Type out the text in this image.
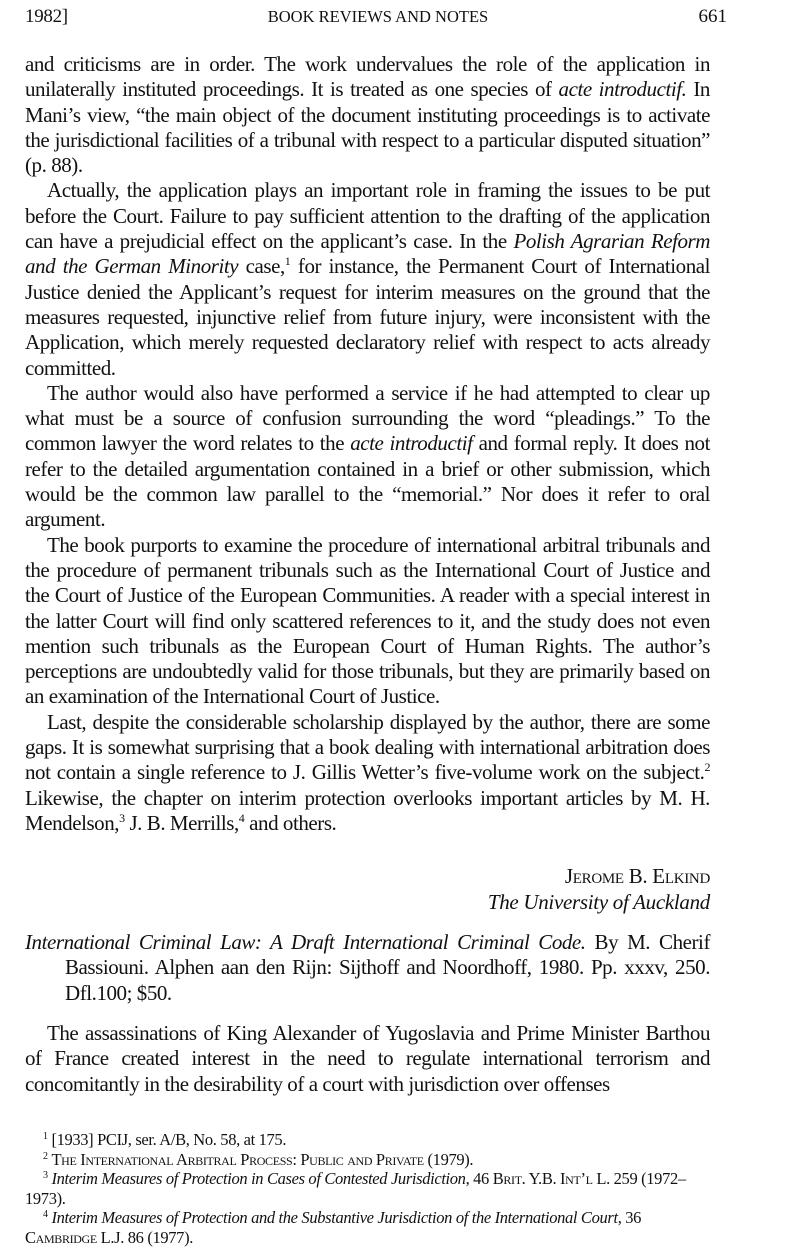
1982]	BOOK REVIEWS AND NOTES	661

and criticisms are in order. The work undervalues the role of the application in unilaterally instituted proceedings. It is treated as one species of acte introductif. In Mani’s view, “the main object of the document instituting proceedings is to activate the jurisdictional facilities of a tribunal with respect to a particular disputed situation” (p. 88).

Actually, the application plays an important role in framing the issues to be put before the Court. Failure to pay sufficient attention to the drafting of the application can have a prejudicial effect on the applicant’s case. In the Polish Agrarian Reform and the German Minority case,$^1$ for instance, the Permanent Court of International Justice denied the Applicant’s request for interim measures on the ground that the measures requested, injunctive relief from future injury, were inconsistent with the Application, which merely requested declaratory relief with respect to acts already committed.

The author would also have performed a service if he had attempted to clear up what must be a source of confusion surrounding the word “pleadings.” To the common lawyer the word relates to the acte introductif and formal reply. It does not refer to the detailed argumentation contained in a brief or other submission, which would be the common law parallel to the “memorial.” Nor does it refer to oral argument.

The book purports to examine the procedure of international arbitral tribunals and the procedure of permanent tribunals such as the International Court of Justice and the Court of Justice of the European Communities. A reader with a special interest in the latter Court will find only scattered references to it, and the study does not even mention such tribunals as the European Court of Human Rights. The author’s perceptions are undoubtedly valid for those tribunals, but they are primarily based on an examination of the International Court of Justice.

Last, despite the considerable scholarship displayed by the author, there are some gaps. It is somewhat surprising that a book dealing with international arbitration does not contain a single reference to J. Gillis Wetter’s five-volume work on the subject.$^2$ Likewise, the chapter on interim protection overlooks important articles by M. H. Mendelson,$^3$ J. B. Merrills,$^4$ and others.

Jerome B. Elkind
The University of Auckland
International Criminal Law: A Draft International Criminal Code. By M. Cherif Bassiouni. Alphen aan den Rijn: Sijthoff and Noordhoff, 1980. Pp. xxxv, 250. Dfl.100; $50.

The assassinations of King Alexander of Yugoslavia and Prime Minister Barthou of France created interest in the need to regulate international terrorism and concomitantly in the desirability of a court with jurisdiction over offenses

$^1$ [1933] PCIJ, ser. A/B, No. 58, at 175.

$^2$ The International Arbitral Process: Public and Private (1979).

$^3$ Interim Measures of Protection in Cases of Contested Jurisdiction, 46 Brit. Y.B. Int’l L. 259 (1972–1973).

$^4$ Interim Measures of Protection and the Substantive Jurisdiction of the International Court, 36 Cambridge L.J. 86 (1977).
